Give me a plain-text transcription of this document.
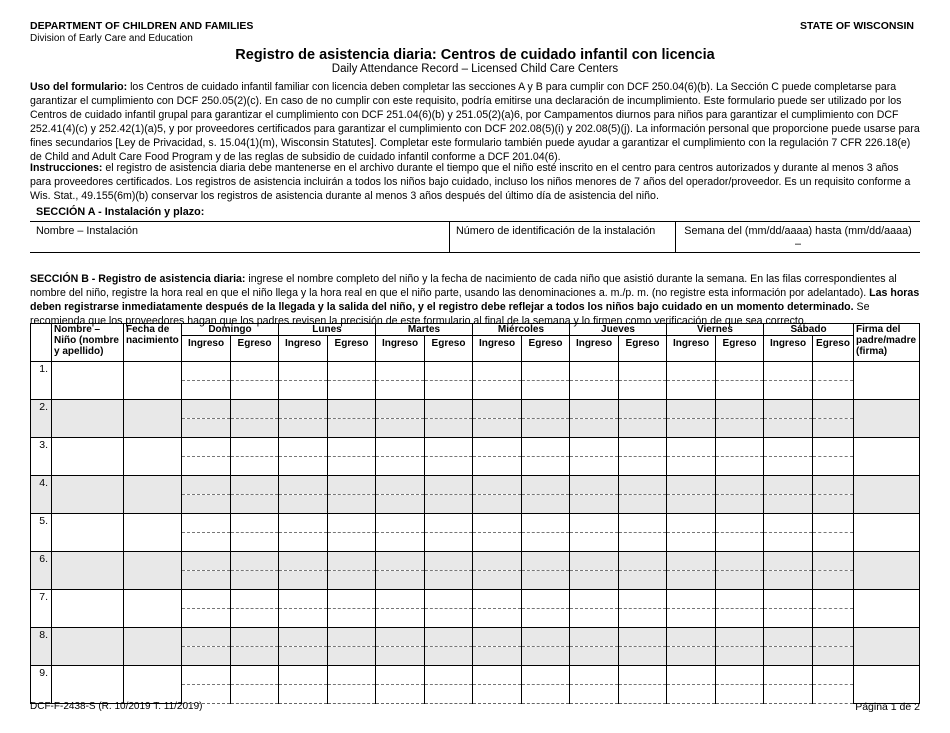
DEPARTMENT OF CHILDREN AND FAMILIES
Division of Early Care and Education
STATE OF WISCONSIN
Registro de asistencia diaria: Centros de cuidado infantil con licencia
Daily Attendance Record – Licensed Child Care Centers
Uso del formulario: los Centros de cuidado infantil familiar con licencia deben completar las secciones A y B para cumplir con DCF 250.04(6)(b). La Sección C puede completarse para garantizar el cumplimiento con DCF 250.05(2)(c). En caso de no cumplir con este requisito, podría emitirse una declaración de incumplimiento. Este formulario puede ser utilizado por los Centros de cuidado infantil grupal para garantizar el cumplimiento con DCF 251.04(6)(b) y 251.05(2)(a)6, por Campamentos diurnos para niños para garantizar el cumplimiento con DCF 252.41(4)(c) y 252.42(1)(a)5, y por proveedores certificados para garantizar el cumplimiento con DCF 202.08(5)(i) y 202.08(5)(j). La información personal que proporcione puede usarse para fines secundarios [Ley de Privacidad, s. 15.04(1)(m), Wisconsin Statutes]. Completar este formulario también puede ayudar a garantizar el cumplimiento con la regulación 7 CFR 226.18(e) de Child and Adult Care Food Program y de las reglas de subsidio de cuidado infantil conforme a DCF 201.04(6).
Instrucciones: el registro de asistencia diaria debe mantenerse en el archivo durante el tiempo que el niño esté inscrito en el centro para centros autorizados y durante al menos 3 años para proveedores certificados. Los registros de asistencia incluirán a todos los niños bajo cuidado, incluso los niños menores de 7 años del operador/proveedor. Es un requisito conforme a Wis. Stat., 49.155(6m)(b) conservar los registros de asistencia durante al menos 3 años después del último día de asistencia del niño.
SECCIÓN A - Instalación y plazo:
Nombre – Instalación	Número de identificación de la instalación	Semana del (mm/dd/aaaa) hasta (mm/dd/aaaa)
–
SECCIÓN B - Registro de asistencia diaria: ingrese el nombre completo del niño y la fecha de nacimiento de cada niño que asistió durante la semana. En las filas correspondientes al nombre del niño, registre la hora real en que el niño llega y la hora real en que el niño parte, usando las denominaciones a. m./p. m. (no registre esta información por adelantado). Las horas deben registrarse inmediatamente después de la llegada y la salida del niño, y el registro debe reflejar a todos los niños bajo cuidado en un momento determinado. Se recomienda que los proveedores hagan que los padres revisen la precisión de este formulario al final de la semana y lo firmen como verificación de que sea correcto.
	Nombre – Niño (nombre y apellido)	Fecha de nacimiento	Domingo		Lunes		Martes		Miércoles		Jueves		Viernes		Sábado		Firma del padre/madre (firma)
			Ingreso	Egreso	Ingreso	Egreso	Ingreso	Egreso	Ingreso	Egreso	Ingreso	Egreso	Ingreso	Egreso	Ingreso	Egreso	
1.																	

2.																	

3.																	

4.																	

5.																	

6.																	

7.																	

8.																	

9.																	

DCF-F-2438-S (R. 10/2019 T. 11/2019)	Página 1 de 2
